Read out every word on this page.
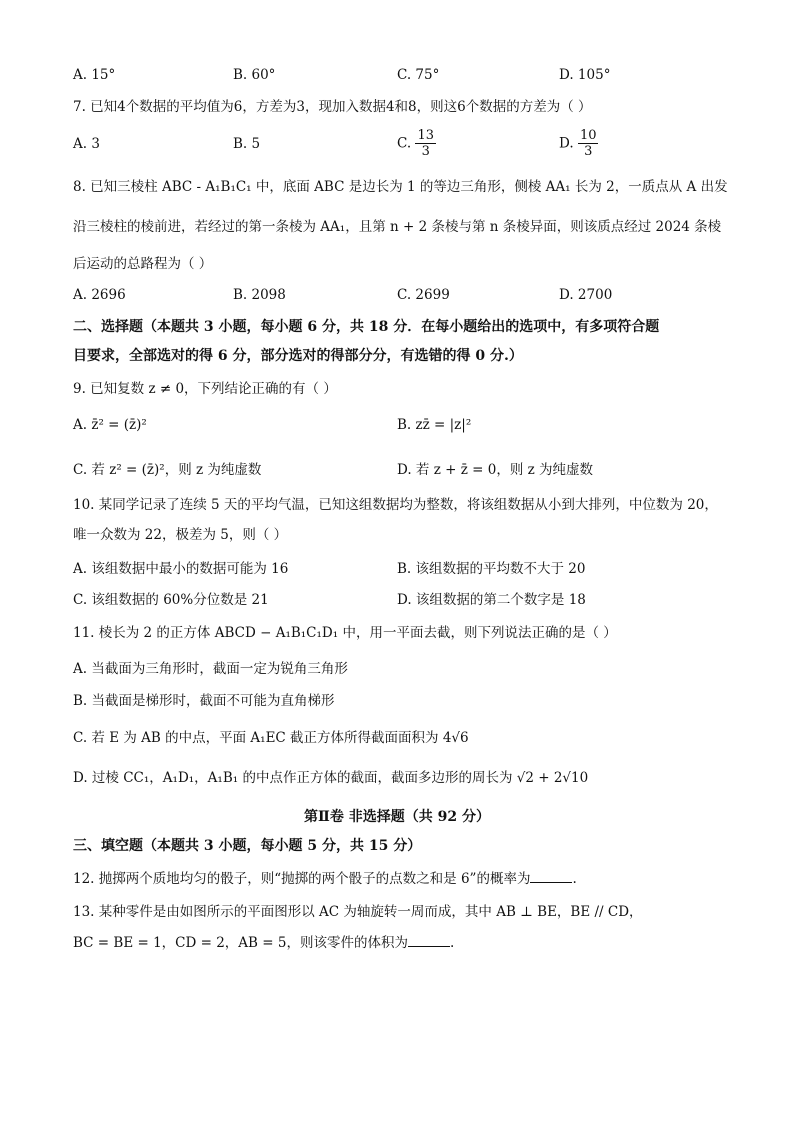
A. 15°	B. 60°	C. 75°	D. 105°
7. 已知4个数据的平均值为6，方差为3，现加入数据4和8，则这6个数据的方差为（ ）
A. 3	B. 5	C. $\frac{13}{3}$	D. $\frac{10}{3}$
8. 已知三棱柱 ABC - A₁B₁C₁ 中，底面 ABC 是边长为 1 的等边三角形，侧棱 AA₁ 长为 2，一质点从 A 出发
沿三棱柱的棱前进，若经过的第一条棱为 AA₁，且第 n + 2 条棱与第 n 条棱异面，则该质点经过 2024 条棱
后运动的总路程为（ ）
A. 2696	B. 2098	C. 2699	D. 2700
二、选择题（本题共 3 小题，每小题 6 分，共 18 分．在每小题给出的选项中，有多项符合题
目要求，全部选对的得 6 分，部分选对的得部分分，有选错的得 0 分.）
9. 已知复数 z ≠ 0，下列结论正确的有（ ）
A. z̄² = (z̄)²	B. zz̄ = |z|²
C. 若 z² = (z̄)²，则 z 为纯虚数	D. 若 z + z̄ = 0，则 z 为纯虚数
10. 某同学记录了连续 5 天的平均气温，已知这组数据均为整数，将该组数据从小到大排列，中位数为 20，
唯一众数为 22，极差为 5，则（ ）
A. 该组数据中最小的数据可能为 16	B. 该组数据的平均数不大于 20
C. 该组数据的 60%分位数是 21	D. 该组数据的第二个数字是 18
11. 棱长为 2 的正方体 ABCD − A₁B₁C₁D₁ 中，用一平面去截，则下列说法正确的是（ ）
A. 当截面为三角形时，截面一定为锐角三角形
B. 当截面是梯形时，截面不可能为直角梯形
C. 若 E 为 AB 的中点，平面 A₁EC 截正方体所得截面面积为 4√6
D. 过棱 CC₁，A₁D₁，A₁B₁ 的中点作正方体的截面，截面多边形的周长为 √2 + 2√10
第Ⅱ卷 非选择题（共 92 分）
三、填空题（本题共 3 小题，每小题 5 分，共 15 分）
12. 抛掷两个质地均匀的骰子，则“抛掷的两个骰子的点数之和是 6”的概率为	.
13. 某种零件是由如图所示的平面图形以 AC 为轴旋转一周而成，其中 AB ⊥ BE，BE // CD，
BC = BE = 1，CD = 2，AB = 5，则该零件的体积为	.
